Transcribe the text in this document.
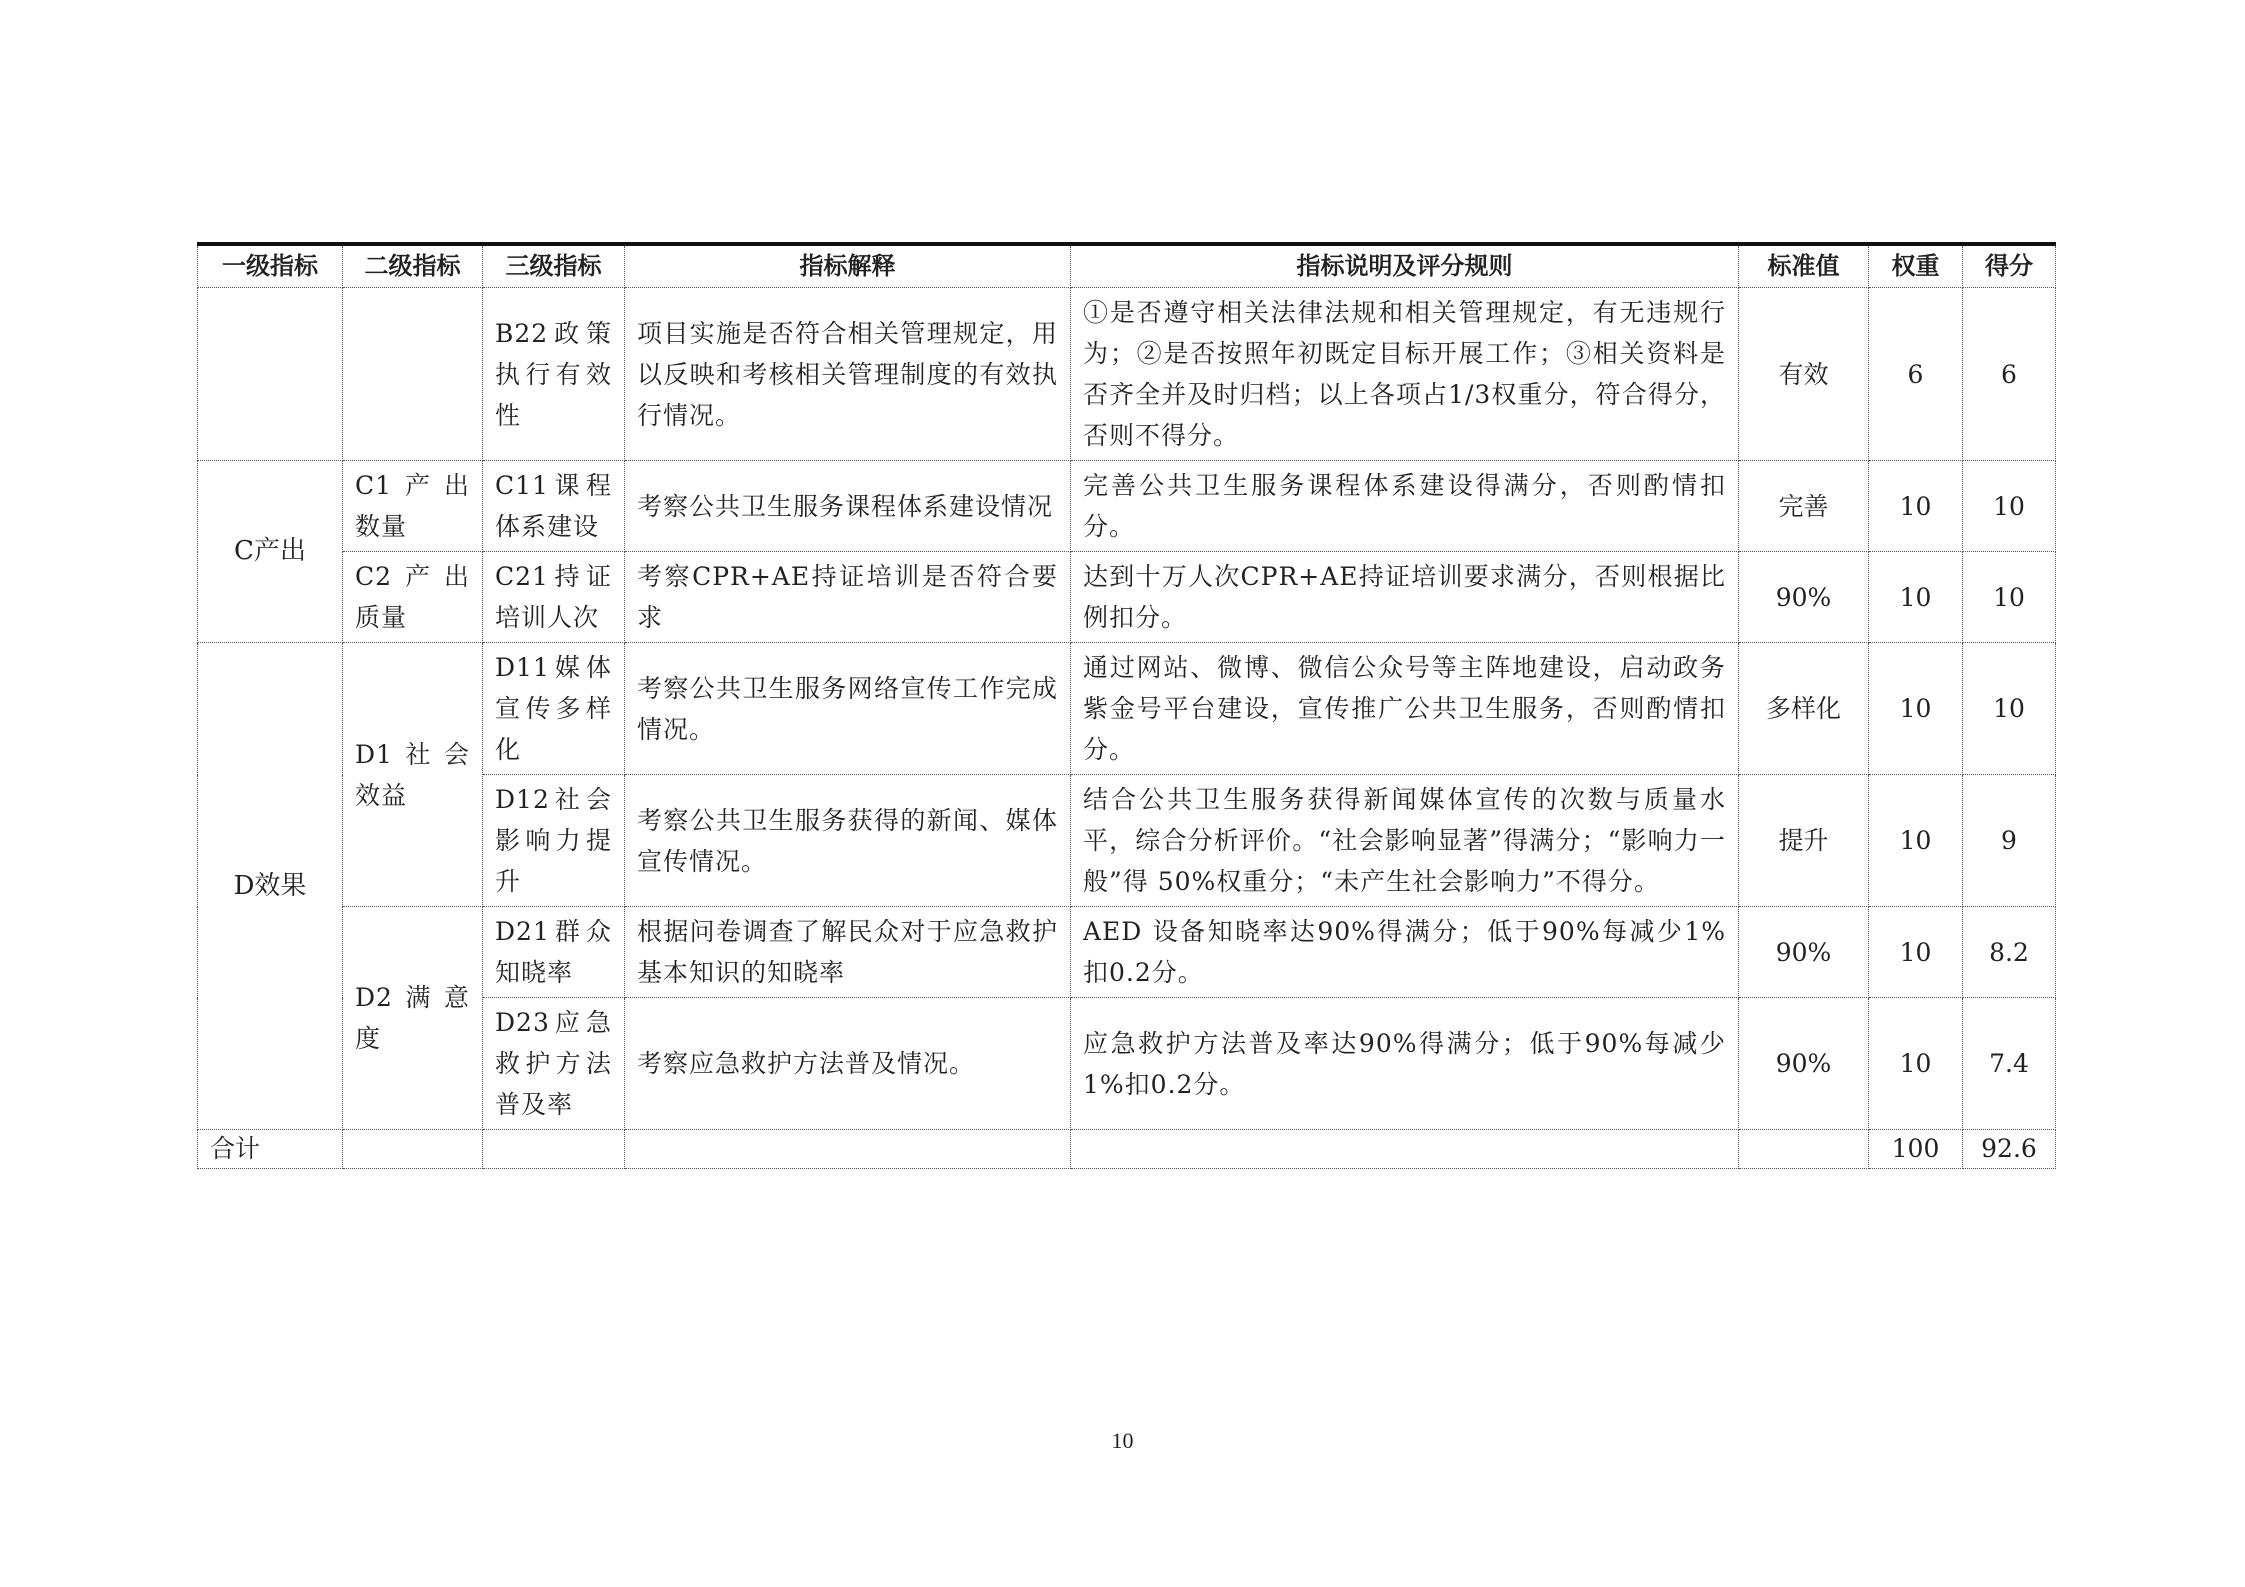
一级指标	二级指标	三级指标	指标解释	指标说明及评分规则	标准值	权重	得分
		B22政策执行有效性	项目实施是否符合相关管理规定，用以反映和考核相关管理制度的有效执行情况。	①是否遵守相关法律法规和相关管理规定，有无违规行为；②是否按照年初既定目标开展工作；③相关资料是否齐全并及时归档；以上各项占1/3权重分，符合得分，否则不得分。	有效	6	6
C产出	C1产出数量	C11课程体系建设	考察公共卫生服务课程体系建设情况	完善公共卫生服务课程体系建设得满分，否则酌情扣分。	完善	10	10
	C2产出质量	C21持证培训人次	考察CPR+AE持证培训是否符合要求	达到十万人次CPR+AE持证培训要求满分，否则根据比例扣分。	90%	10	10
D效果	D1社会效益	D11媒体宣传多样化	考察公共卫生服务网络宣传工作完成情况。	通过网站、微博、微信公众号等主阵地建设，启动政务紫金号平台建设，宣传推广公共卫生服务，否则酌情扣分。	多样化	10	10
		D12社会影响力提升	考察公共卫生服务获得的新闻、媒体宣传情况。	结合公共卫生服务获得新闻媒体宣传的次数与质量水平，综合分析评价。“社会影响显著”得满分；“影响力一般”得 50%权重分；“未产生社会影响力”不得分。	提升	10	9
	D2满意度	D21群众知晓率	根据问卷调查了解民众对于应急救护基本知识的知晓率	AED 设备知晓率达90%得满分；低于90%每减少1%扣0.2分。	90%	10	8.2
		D23应急救护方法普及率	考察应急救护方法普及情况。	应急救护方法普及率达90%得满分；低于90%每减少1%扣0.2分。	90%	10	7.4
合计						100	92.6
10
